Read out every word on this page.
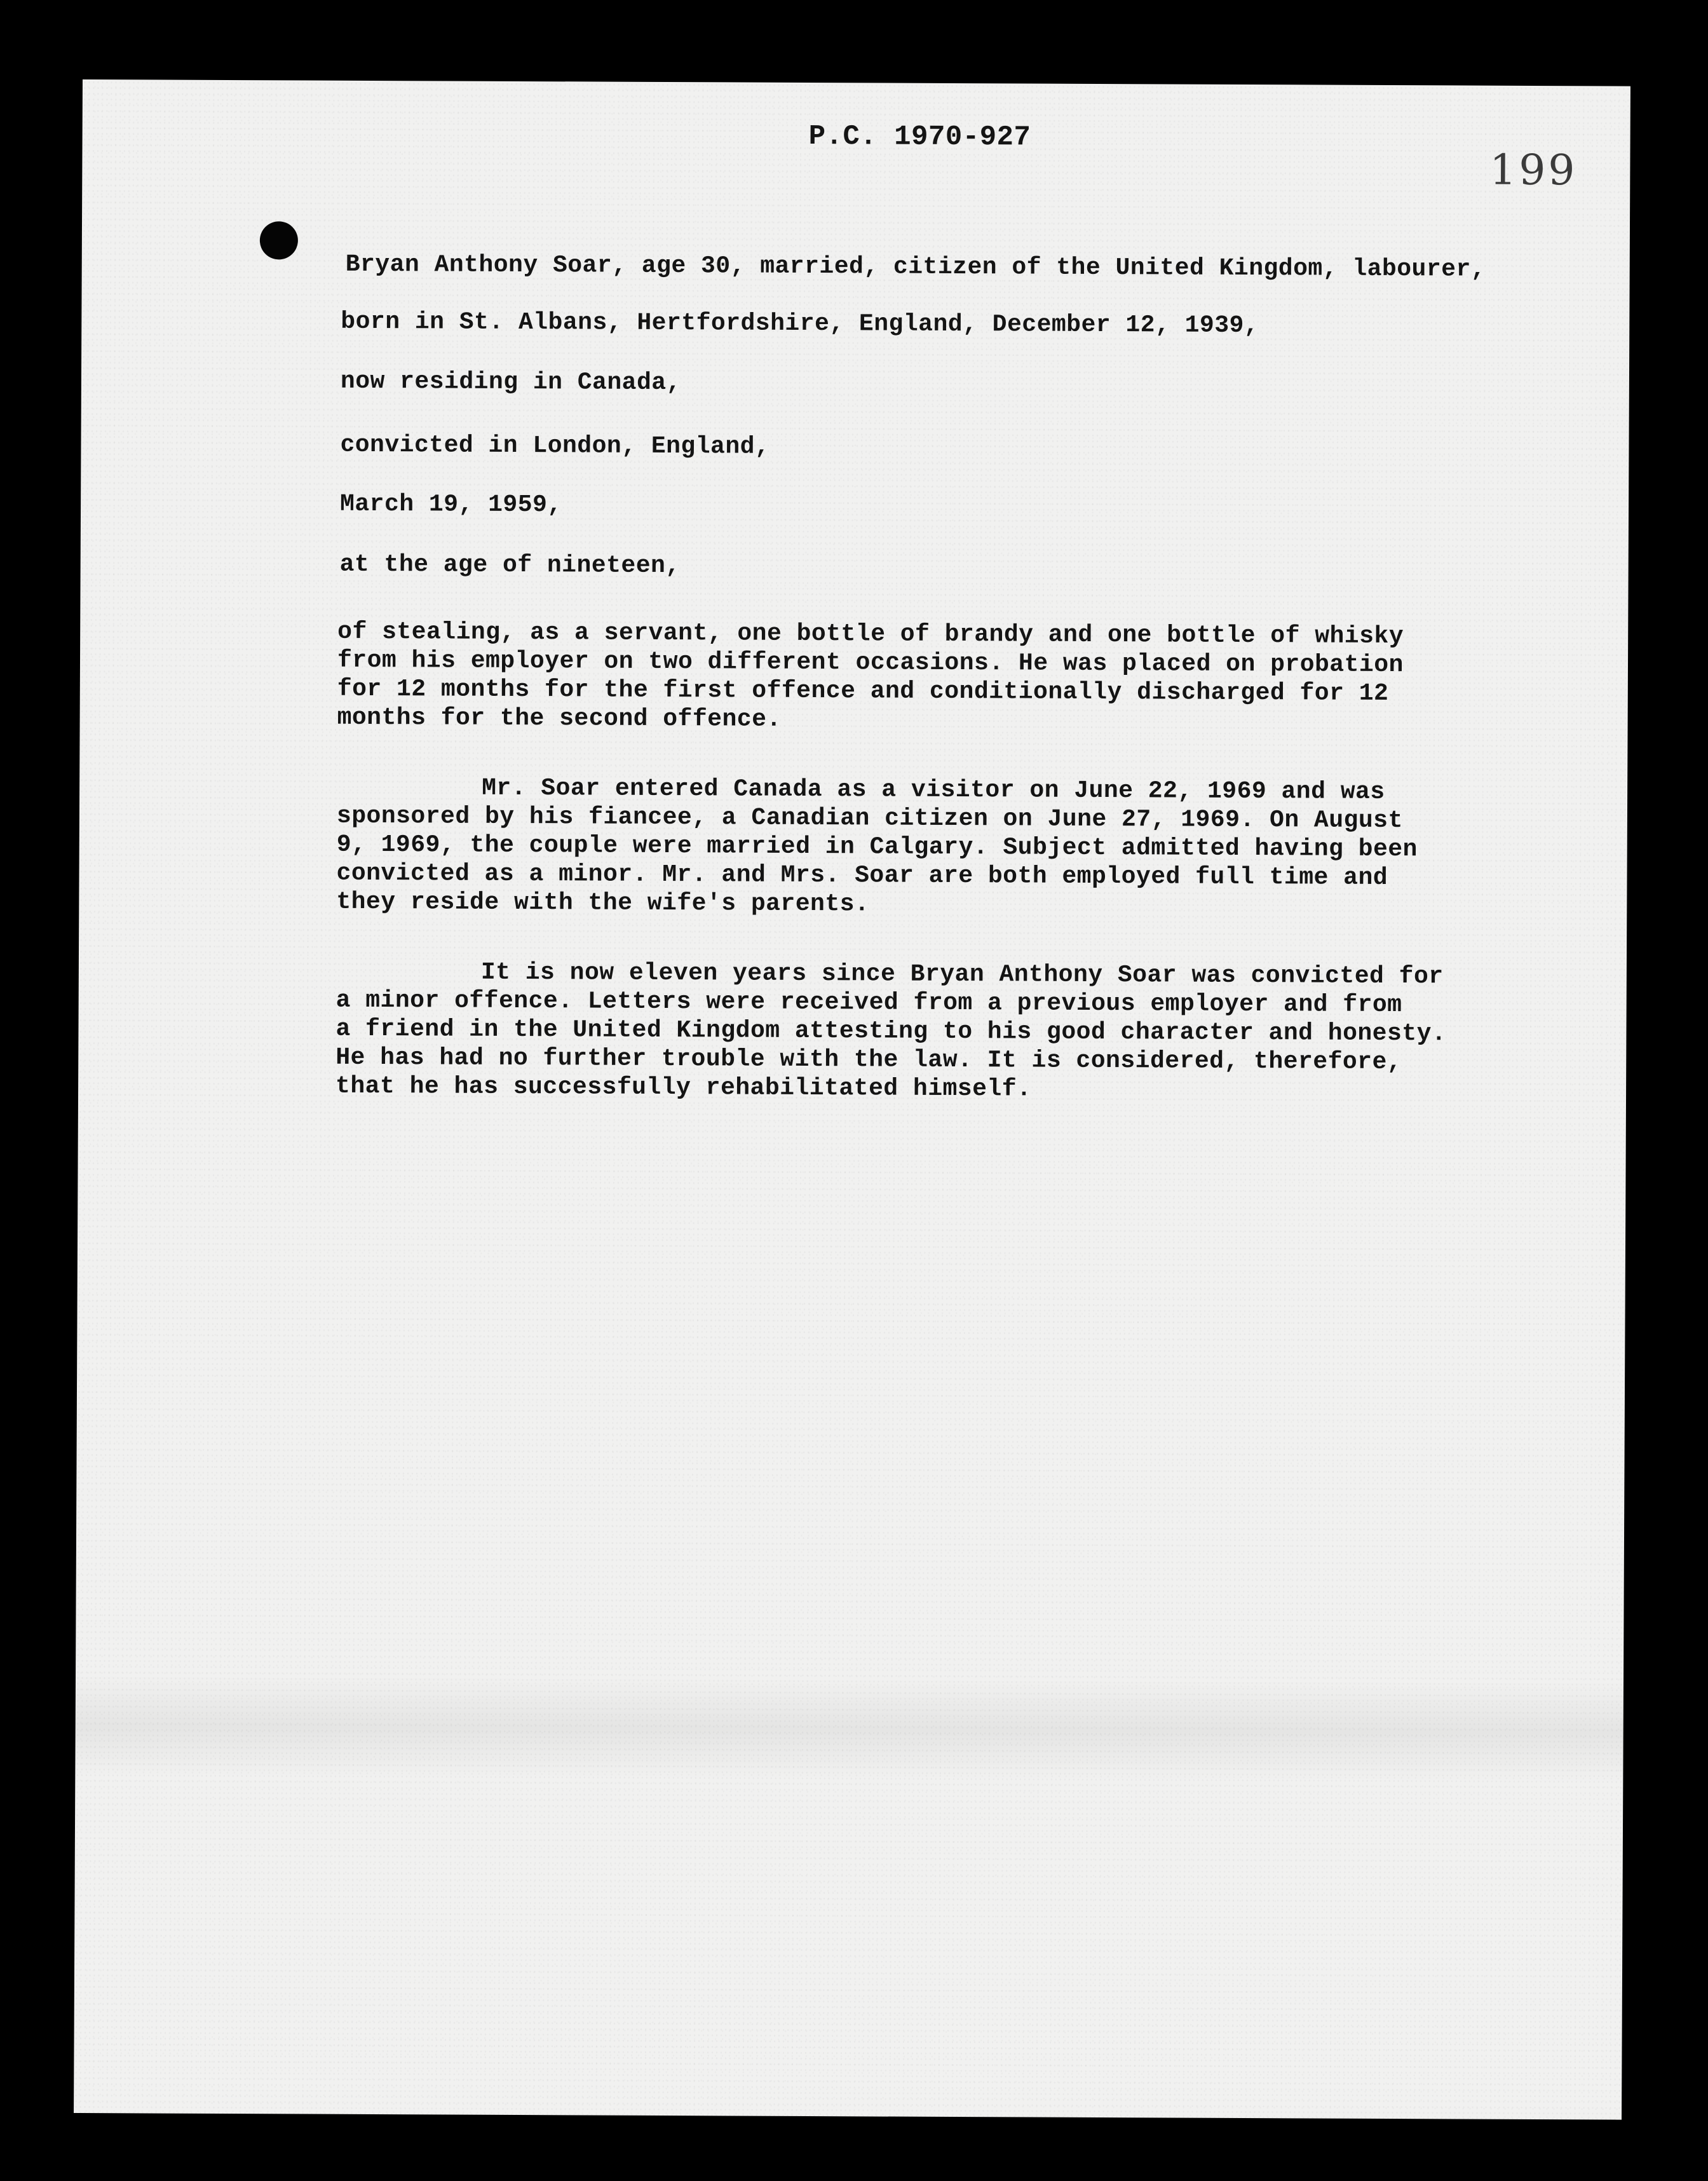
P.C. 1970-927
199
Bryan Anthony Soar, age 30, married, citizen of the United Kingdom, labourer,
born in St. Albans, Hertfordshire, England, December 12, 1939,
now residing in Canada,
convicted in London, England,
March 19, 1959,
at the age of nineteen,

of stealing, as a servant, one bottle of brandy and one bottle of whisky
from his employer on two different occasions. He was placed on probation
for 12 months for the first offence and conditionally discharged for 12
months for the second offence.

Mr. Soar entered Canada as a visitor on June 22, 1969 and was
sponsored by his fiancee, a Canadian citizen on June 27, 1969. On August
9, 1969, the couple were married in Calgary. Subject admitted having been
convicted as a minor. Mr. and Mrs. Soar are both employed full time and
they reside with the wife's parents.

It is now eleven years since Bryan Anthony Soar was convicted for
a minor offence. Letters were received from a previous employer and from
a friend in the United Kingdom attesting to his good character and honesty.
He has had no further trouble with the law. It is considered, therefore,
that he has successfully rehabilitated himself.
